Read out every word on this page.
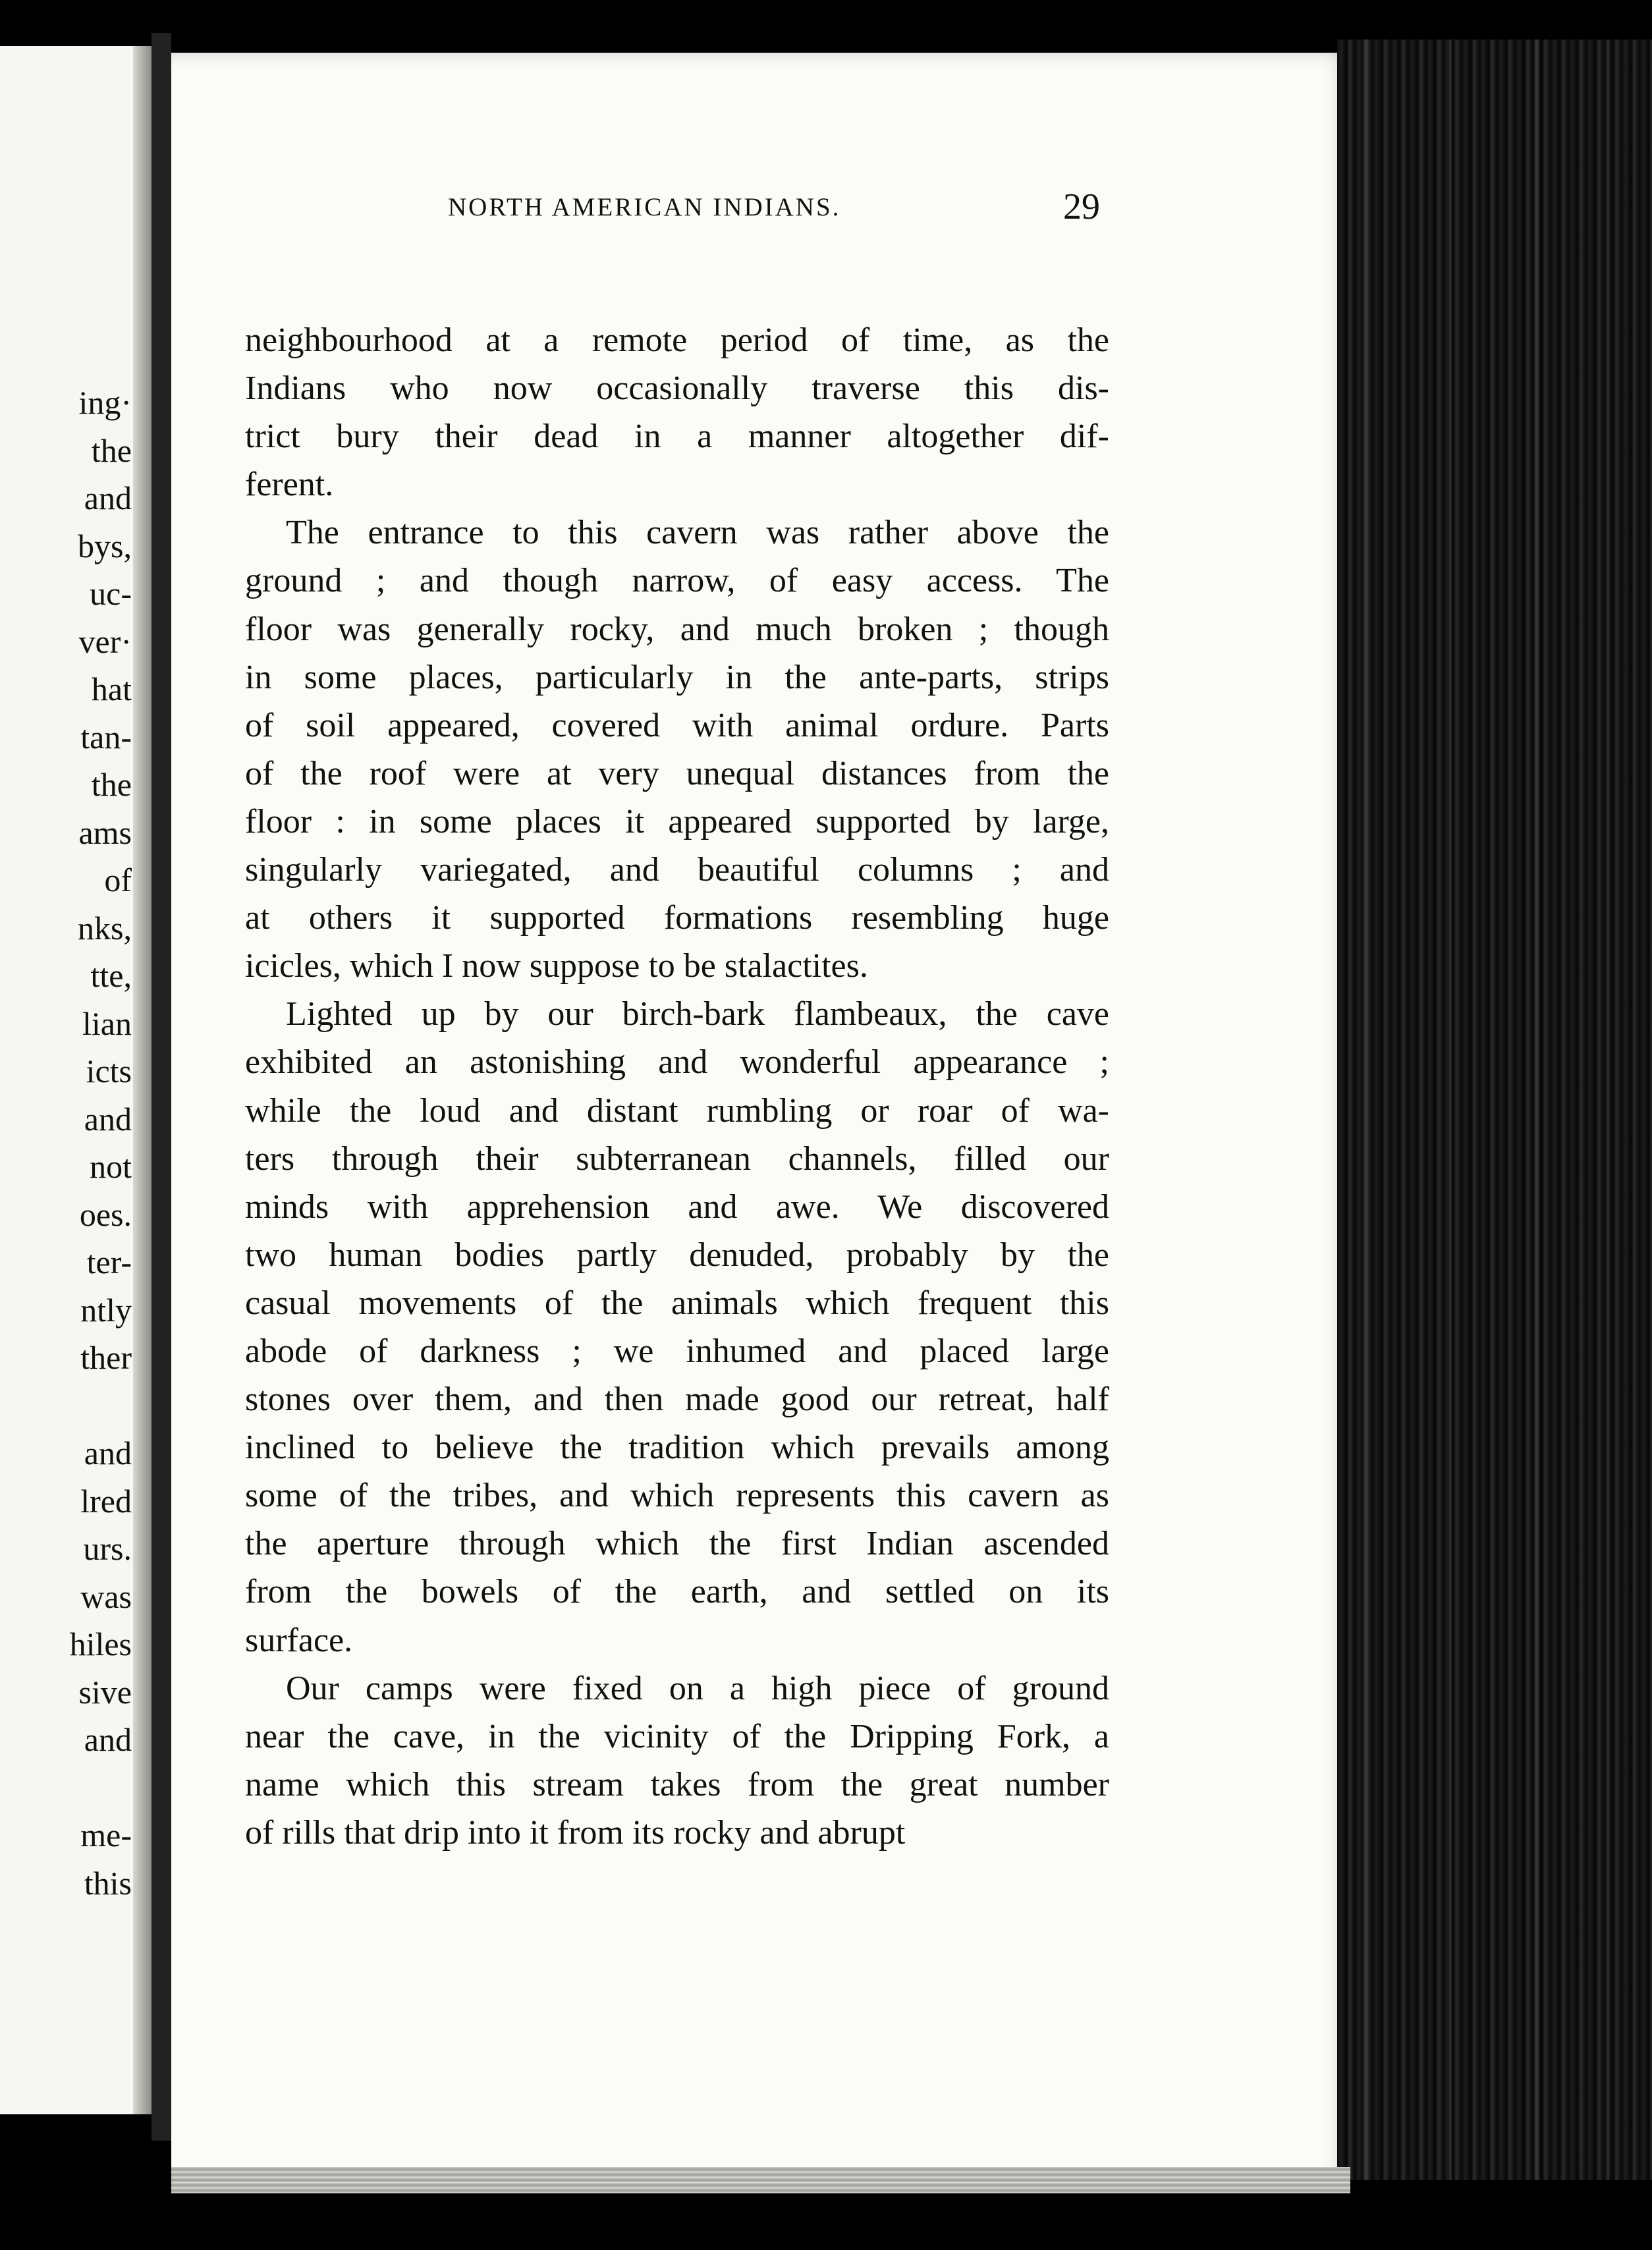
ing·
the
and
bys,
uc-
ver·
hat
tan-
the
ams
of
nks,
tte,
lian
icts
and
not
oes.
ter-
ntly
ther
and
lred
urs.
was
hiles
sive
and
me-
this
NORTH AMERICAN INDIANS.	29
neighbourhood at a remote period of time, as the
Indians who now occasionally traverse this dis-
trict bury their dead in a manner altogether dif-
ferent.
The entrance to this cavern was rather above the
ground ; and though narrow, of easy access. The
floor was generally rocky, and much broken ; though
in some places, particularly in the ante-parts, strips
of soil appeared, covered with animal ordure. Parts
of the roof were at very unequal distances from the
floor : in some places it appeared supported by large,
singularly variegated, and beautiful columns ; and
at others it supported formations resembling huge
icicles, which I now suppose to be stalactites.
Lighted up by our birch-bark flambeaux, the cave
exhibited an astonishing and wonderful appearance ;
while the loud and distant rumbling or roar of wa-
ters through their subterranean channels, filled our
minds with apprehension and awe. We discovered
two human bodies partly denuded, probably by the
casual movements of the animals which frequent this
abode of darkness ; we inhumed and placed large
stones over them, and then made good our retreat, half
inclined to believe the tradition which prevails among
some of the tribes, and which represents this cavern as
the aperture through which the first Indian ascended
from the bowels of the earth, and settled on its
surface.
Our camps were fixed on a high piece of ground
near the cave, in the vicinity of the Dripping Fork, a
name which this stream takes from the great number
of rills that drip into it from its rocky and abrupt
